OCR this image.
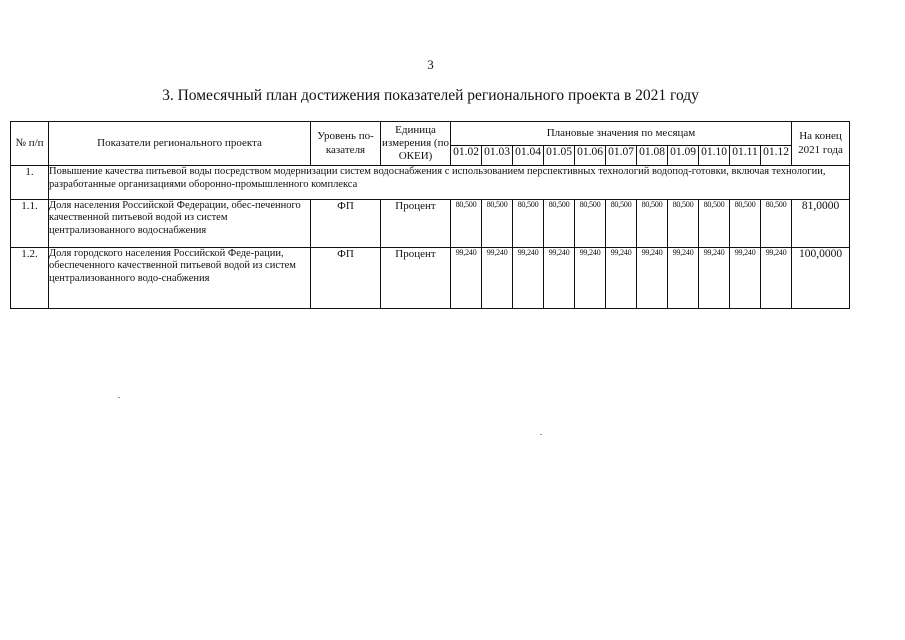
3
3. Помесячный план достижения показателей регионального проекта в 2021 году
№ п/п	Показатели регионального проекта	Уровень по-казателя	Единица измерения (по ОКЕИ)	Плановые значения по месяцам											На конец 2021 года
				01.02	01.03	01.04	01.05	01.06	01.07	01.08	01.09	01.10	01.11	01.12	
1.	Повышение качества питьевой воды посредством модернизации систем водоснабжения с использованием перспективных технологий водопод-готовки, включая технологии, разработанные организациями оборонно-промышленного комплекса														
1.1.	Доля населения Российской Федерации, обес-печенного качественной питьевой водой из систем централизованного водоснабжения	ФП	Процент	80,500	80,500	80,500	80,500	80,500	80,500	80,500	80,500	80,500	80,500	80,500	81,0000
1.2.	Доля городского населения Российской Феде-рации, обеспеченного качественной питьевой водой из систем централизованного водо-снабжения	ФП	Процент	99,240	99,240	99,240	99,240	99,240	99,240	99,240	99,240	99,240	99,240	99,240	100,0000
